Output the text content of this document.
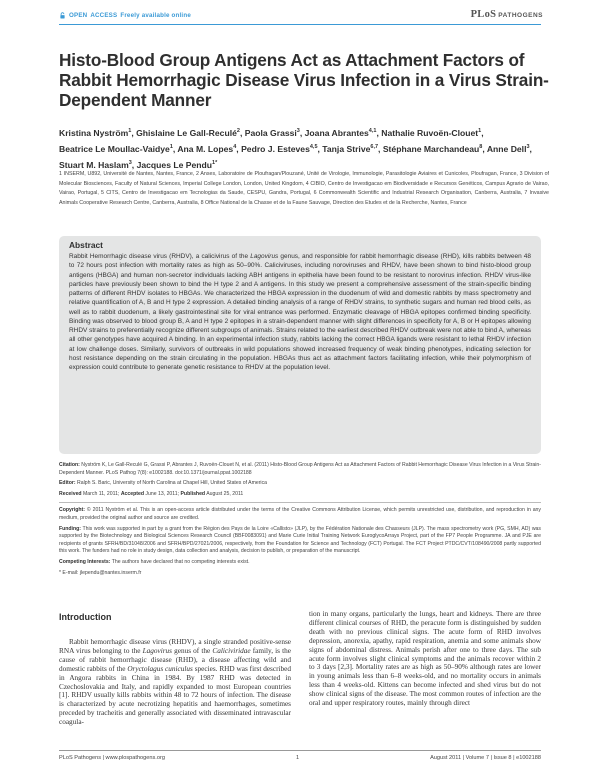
OPEN ACCESS Freely available online	PLoS PATHOGENS
Histo-Blood Group Antigens Act as Attachment Factors of Rabbit Hemorrhagic Disease Virus Infection in a Virus Strain-Dependent Manner
Kristina Nyström$^1$, Ghislaine Le Gall-Reculé$^2$, Paola Grassi$^3$, Joana Abrantes$^{4,1}$, Nathalie Ruvoën-Clouet$^1$, Beatrice Le Moullac-Vaidye$^1$, Ana M. Lopes$^4$, Pedro J. Esteves$^{4,5}$, Tanja Strive$^{6,7}$, Stéphane Marchandeau$^8$, Anne Dell$^3$, Stuart M. Haslam$^3$, Jacques Le Pendu$^{1*}$
1 INSERM, U892, Université de Nantes, Nantes, France, 2 Anses, Laboratoire de Ploufragan/Plouzané, Unité de Virologie, Immunologie, Parasitologie Aviaires et Cunicoles, Ploufragan, France, 3 Division of Molecular Biosciences, Faculty of Natural Sciences, Imperial College London, London, United Kingdom, 4 CIBIO, Centro de Investigacao em Biodiversidade e Recursos Genéticos, Campus Agrario de Vairao, Vairao, Portugal, 5 CITS, Centro de Investigacao em Tecnologias da Saude, CESPU, Gandra, Portugal, 6 Commonwealth Scientific and Industrial Research Organisation, Canberra, Australia, 7 Invasive Animals Cooperative Research Centre, Canberra, Australia, 8 Office National de la Chasse et de la Faune Sauvage, Direction des Etudes et de la Recherche, Nantes, France
Abstract

Rabbit Hemorrhagic disease virus (RHDV), a calicivirus of the Lagovirus genus, and responsible for rabbit hemorrhagic disease (RHD), kills rabbits between 48 to 72 hours post infection with mortality rates as high as 50–90%. Caliciviruses, including noroviruses and RHDV, have been shown to bind histo-blood group antigens (HBGA) and human non-secretor individuals lacking ABH antigens in epithelia have been found to be resistant to norovirus infection. RHDV virus-like particles have previously been shown to bind the H type 2 and A antigens. In this study we present a comprehensive assessment of the strain-specific binding patterns of different RHDV isolates to HBGAs. We characterized the HBGA expression in the duodenum of wild and domestic rabbits by mass spectrometry and relative quantification of A, B and H type 2 expression. A detailed binding analysis of a range of RHDV strains, to synthetic sugars and human red blood cells, as well as to rabbit duodenum, a likely gastrointestinal site for viral entrance was performed. Enzymatic cleavage of HBGA epitopes confirmed binding specificity. Binding was observed to blood group B, A and H type 2 epitopes in a strain-dependent manner with slight differences in specificity for A, B or H epitopes allowing RHDV strains to preferentially recognize different subgroups of animals. Strains related to the earliest described RHDV outbreak were not able to bind A, whereas all other genotypes have acquired A binding. In an experimental infection study, rabbits lacking the correct HBGA ligands were resistant to lethal RHDV infection at low challenge doses. Similarly, survivors of outbreaks in wild populations showed increased frequency of weak binding phenotypes, indicating selection for host resistance depending on the strain circulating in the population. HBGAs thus act as attachment factors facilitating infection, while their polymorphism of expression could contribute to generate genetic resistance to RHDV at the population level.

Citation: Nyström K, Le Gall-Reculé G, Grassi P, Abrantes J, Ruvoën-Clouet N, et al. (2011) Histo-Blood Group Antigens Act as Attachment Factors of Rabbit Hemorrhagic Disease Virus Infection in a Virus Strain-Dependent Manner. PLoS Pathog 7(8): e1002188. doi:10.1371/journal.ppat.1002188

Editor: Ralph S. Baric, University of North Carolina at Chapel Hill, United States of America

Received March 11, 2011; Accepted June 13, 2011; Published August 25, 2011

Copyright: © 2011 Nyström et al. This is an open-access article distributed under the terms of the Creative Commons Attribution License, which permits unrestricted use, distribution, and reproduction in any medium, provided the original author and source are credited.

Funding: This work was supported in part by a grant from the Région des Pays de la Loire «Callisto» (JLP), by the Fédération Nationale des Chasseurs (JLP). The mass spectrometry work (PG, SMH, AD) was supported by the Biotechnology and Biological Sciences Research Council (BBF0083091) and Marie Curie Initial Training Network EuroglycoArrays Project, part of the FP7 People Programme. JA and PJE are recipients of grants SFRH/BD/31048/2006 and SFRH/BPD/27021/2006, respectively, from the Foundation for Science and Technology (FCT) Portugal. The FCT Project PTDC/CVT/108490/2008 partly supported this work. The funders had no role in study design, data collection and analysis, decision to publish, or preparation of the manuscript.

Competing Interests: The authors have declared that no competing interests exist.

* E-mail: jlependu@nantes.inserm.fr

Introduction

Rabbit hemorrhagic disease virus (RHDV), a single stranded positive-sense RNA virus belonging to the Lagovirus genus of the Caliciviridae family, is the cause of rabbit hemorrhagic disease (RHD), a disease affecting wild and domestic rabbits of the Oryctolagus cuniculus species. RHD was first described in Angora rabbits in China in 1984. By 1987 RHD was detected in Czechoslovakia and Italy, and rapidly expanded to most European countries [1]. RHDV usually kills rabbits within 48 to 72 hours of infection. The disease is characterized by acute necrotizing hepatitis and haemorrhages, sometimes preceded by tracheitis and generally associated with disseminated intravascular coagula-

tion in many organs, particularly the lungs, heart and kidneys. There are three different clinical courses of RHD, the peracute form is distinguished by sudden death with no previous clinical signs. The acute form of RHD involves depression, anorexia, apathy, rapid respiration, anemia and some animals show signs of abdominal distress. Animals perish after one to three days. The sub acute form involves slight clinical symptoms and the animals recover within 2 to 3 days [2,3]. Mortality rates are as high as 50–90% although rates are lower in young animals less than 6–8 weeks-old, and no mortality occurs in animals less than 4 weeks-old. Kittens can become infected and shed virus but do not show clinical signs of the disease. The most common routes of infection are the oral and upper respiratory routes, mainly through direct

PLoS Pathogens | www.plospathogens.org	1	August 2011 | Volume 7 | Issue 8 | e1002188
